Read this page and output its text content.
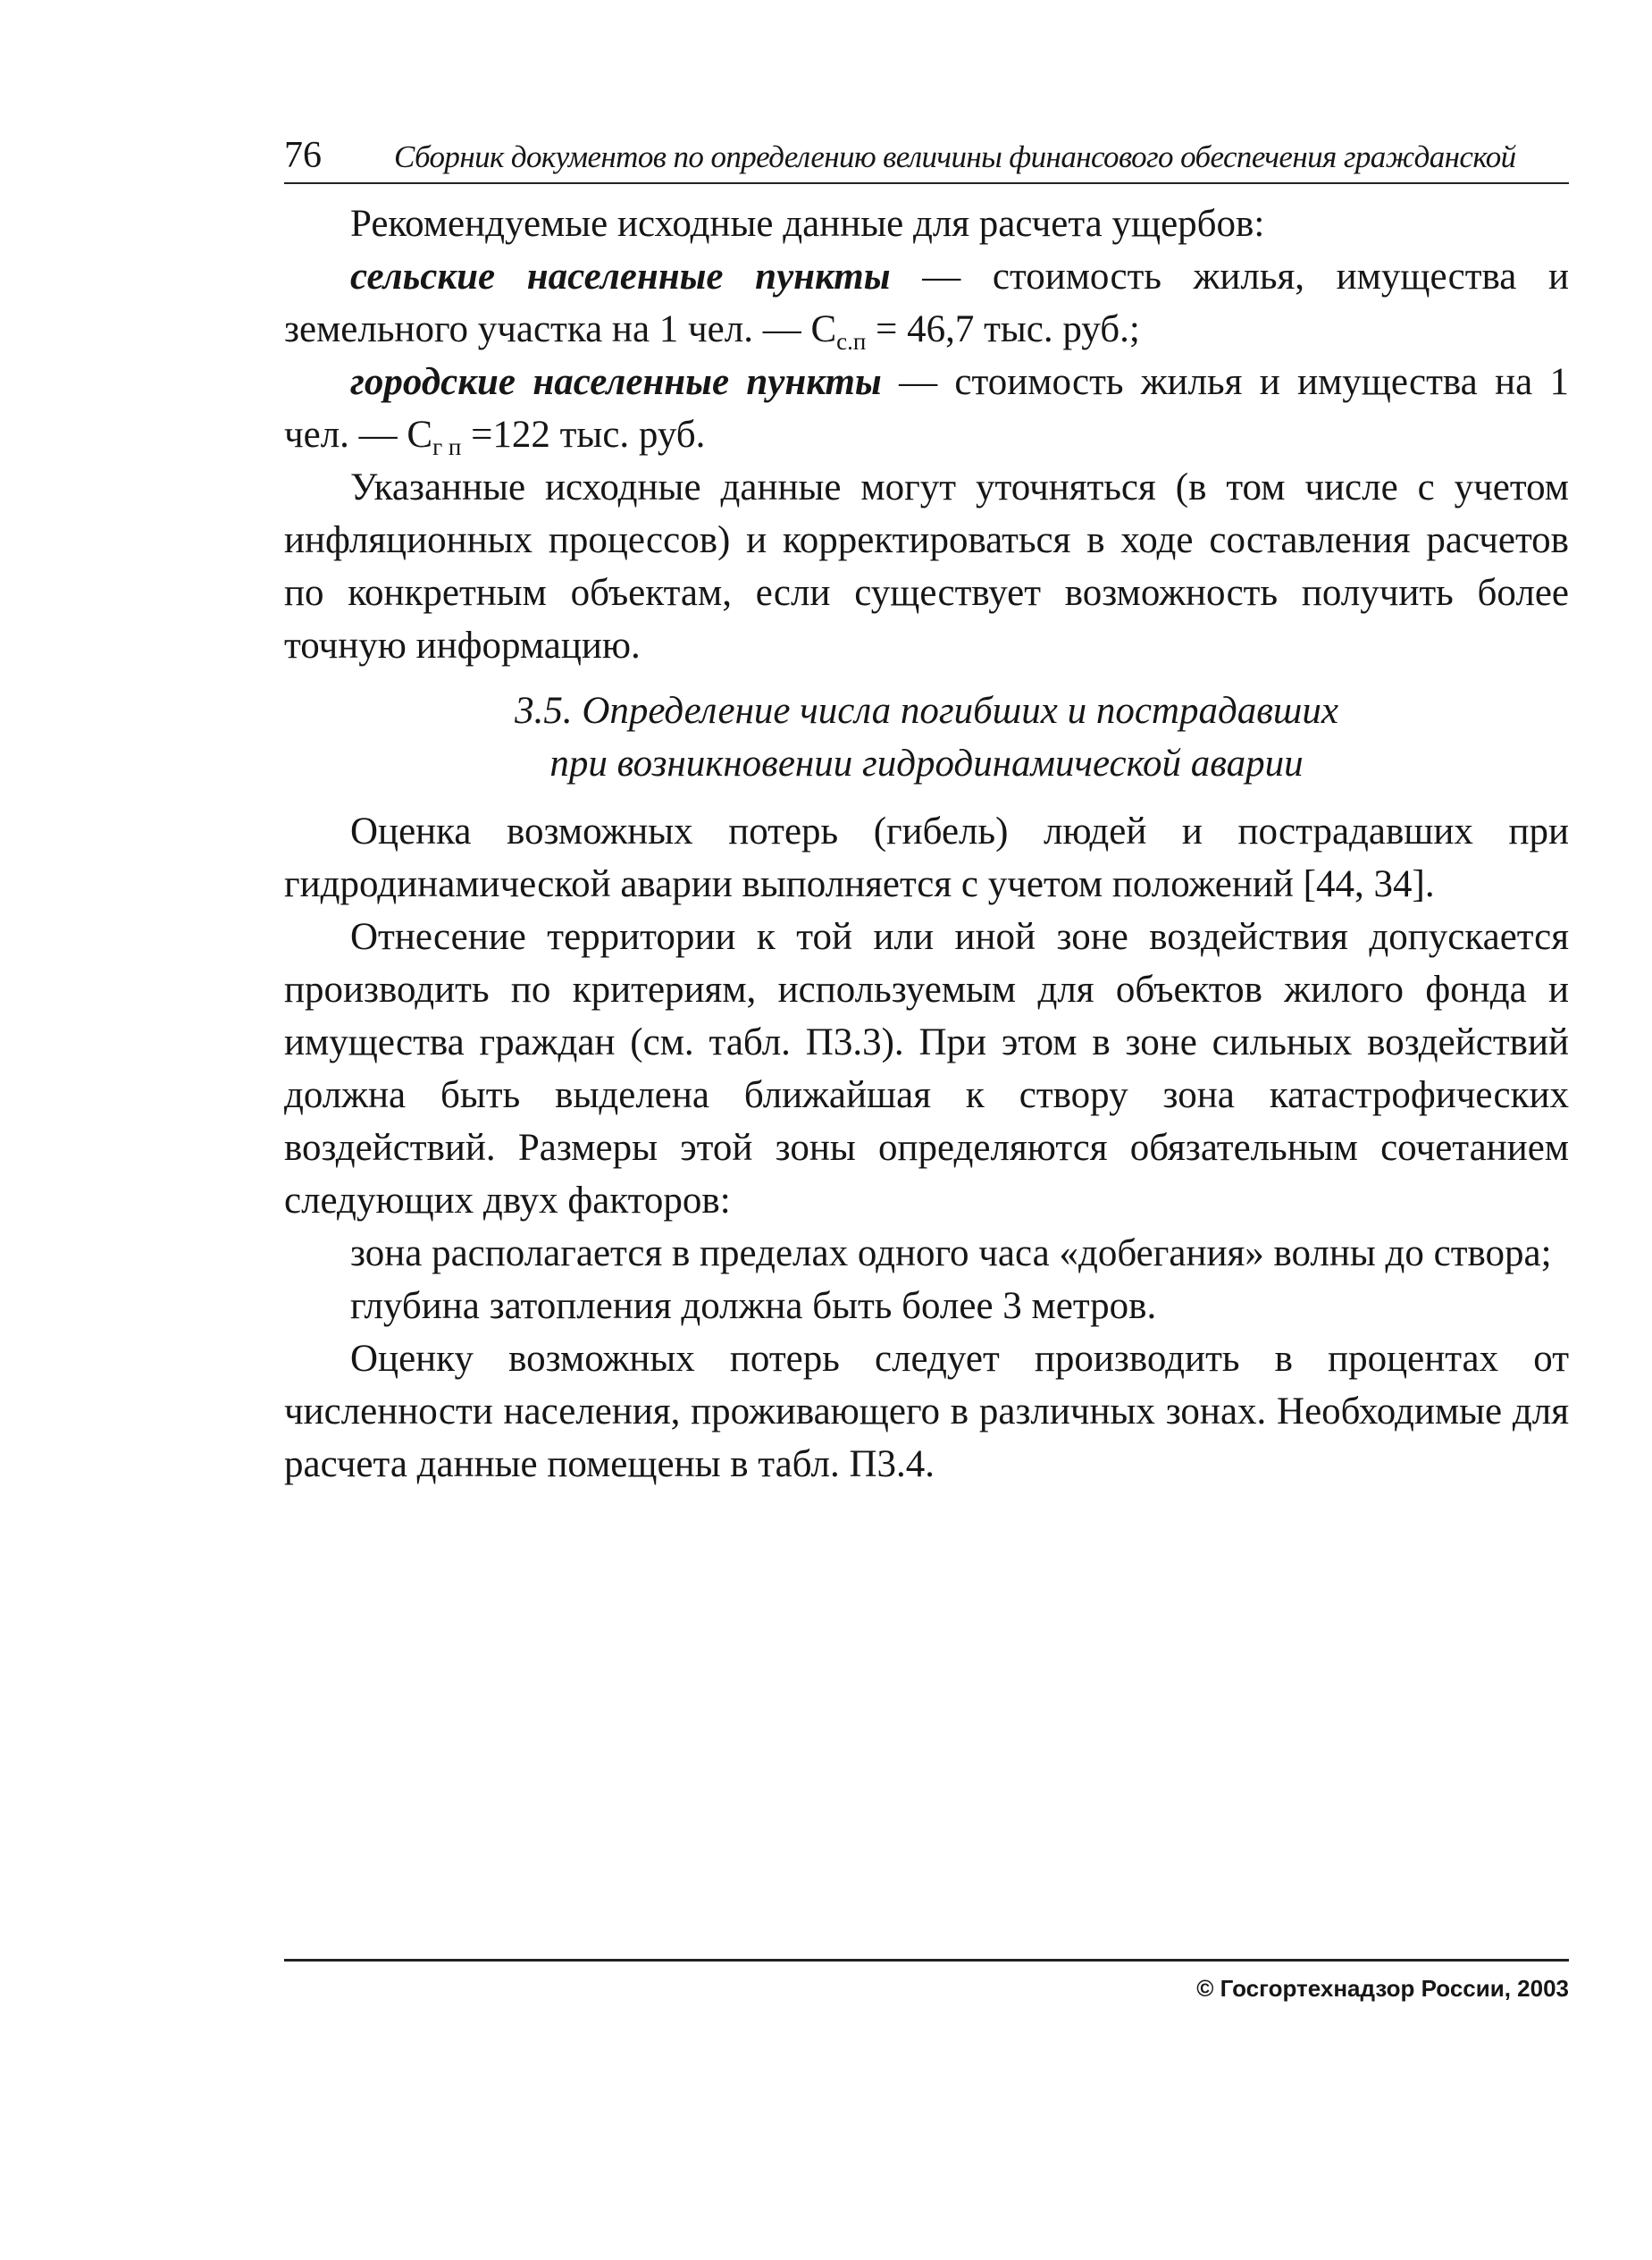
76 Сборник документов по определению величины финансового обеспечения гражданской

Рекомендуемые исходные данные для расчета ущербов:

сельские населенные пункты — стоимость жилья, имущества и земельного участка на 1 чел. — $С_{с.п} = 46,7$ тыс. руб.;

городские населенные пункты — стоимость жилья и имущества на 1 чел. — $С_{г п} =122$ тыс. руб.

Указанные исходные данные могут уточняться (в том числе с учетом инфляционных процессов) и корректироваться в ходе составления расчетов по конкретным объектам, если существует возможность получить более точную информацию.

3.5. Определение числа погибших и пострадавших
при возникновении гидродинамической аварии

Оценка возможных потерь (гибель) людей и пострадавших при гидродинамической аварии выполняется с учетом положений [44, 34].

Отнесение территории к той или иной зоне воздействия допускается производить по критериям, используемым для объектов жилого фонда и имущества граждан (см. табл. П3.3). При этом в зоне сильных воздействий должна быть выделена ближайшая к створу зона катастрофических воздействий. Размеры этой зоны определяются обязательным сочетанием следующих двух факторов:

зона располагается в пределах одного часа «добегания» волны до створа;

глубина затопления должна быть более 3 метров.

Оценку возможных потерь следует производить в процентах от численности населения, проживающего в различных зонах. Необходимые для расчета данные помещены в табл. П3.4.

© Госгортехнадзор России, 2003
